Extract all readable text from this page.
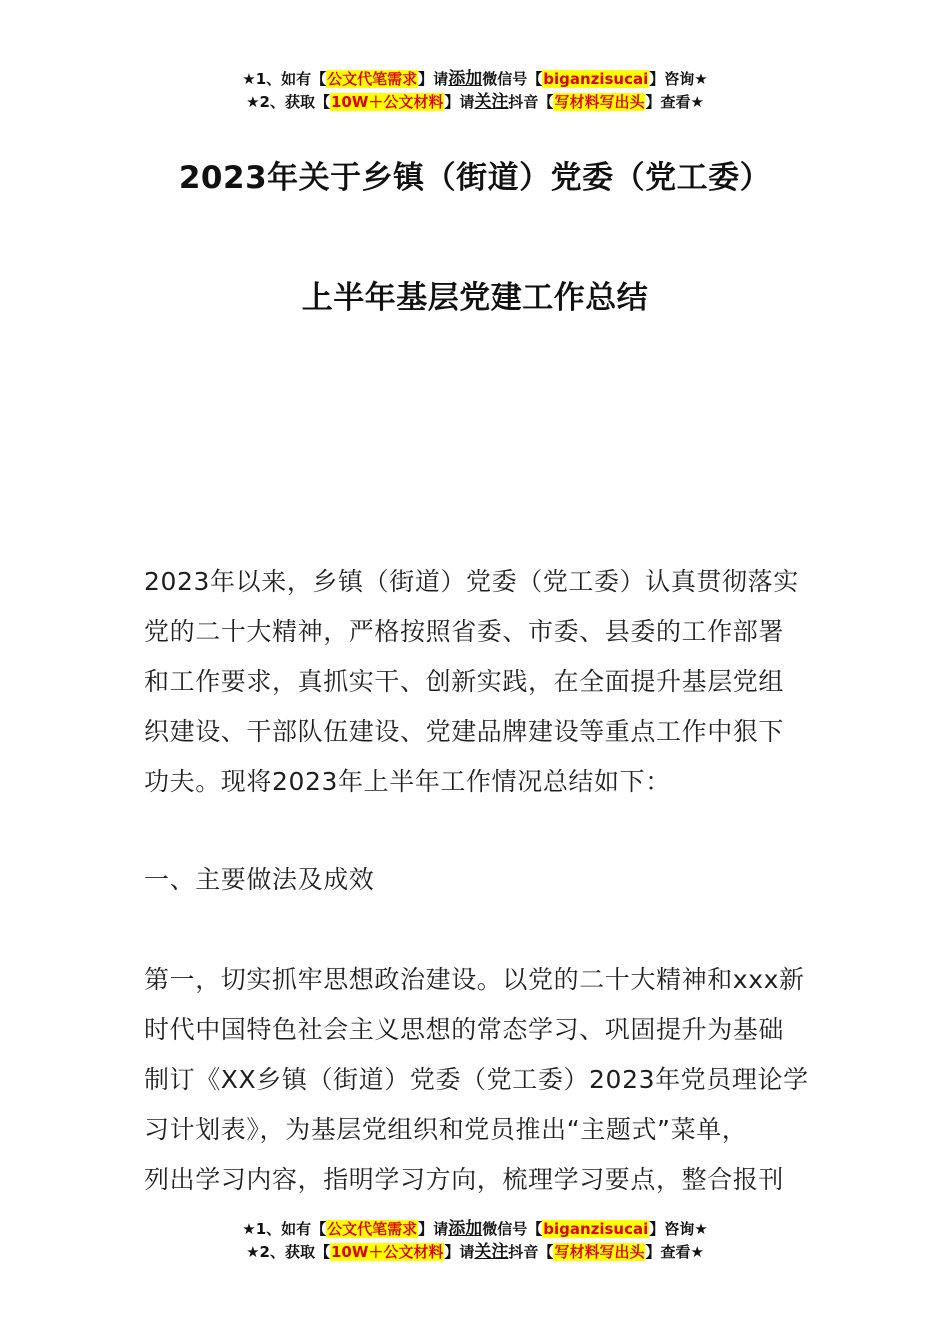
★1、如有【公文代笔需求】请添加微信号【biganzisucai】咨询★
★2、获取【10W＋公文材料】请关注抖音【写材料写出头】查看★
2023年关于乡镇（街道）党委（党工委）
上半年基层党建工作总结
2023年以来，乡镇（街道）党委（党工委）认真贯彻落实
党的二十大精神，严格按照省委、市委、县委的工作部署
和工作要求，真抓实干、创新实践，在全面提升基层党组
织建设、干部队伍建设、党建品牌建设等重点工作中狠下
功夫。现将2023年上半年工作情况总结如下：
一、主要做法及成效
第一，切实抓牢思想政治建设。以党的二十大精神和xxx新
时代中国特色社会主义思想的常态学习、巩固提升为基础
制订《XX乡镇（街道）党委（党工委）2023年党员理论学
习计划表》，为基层党组织和党员推出“主题式”菜单，
列出学习内容，指明学习方向，梳理学习要点，整合报刊
★1、如有【公文代笔需求】请添加微信号【biganzisucai】咨询★
★2、获取【10W＋公文材料】请关注抖音【写材料写出头】查看★
